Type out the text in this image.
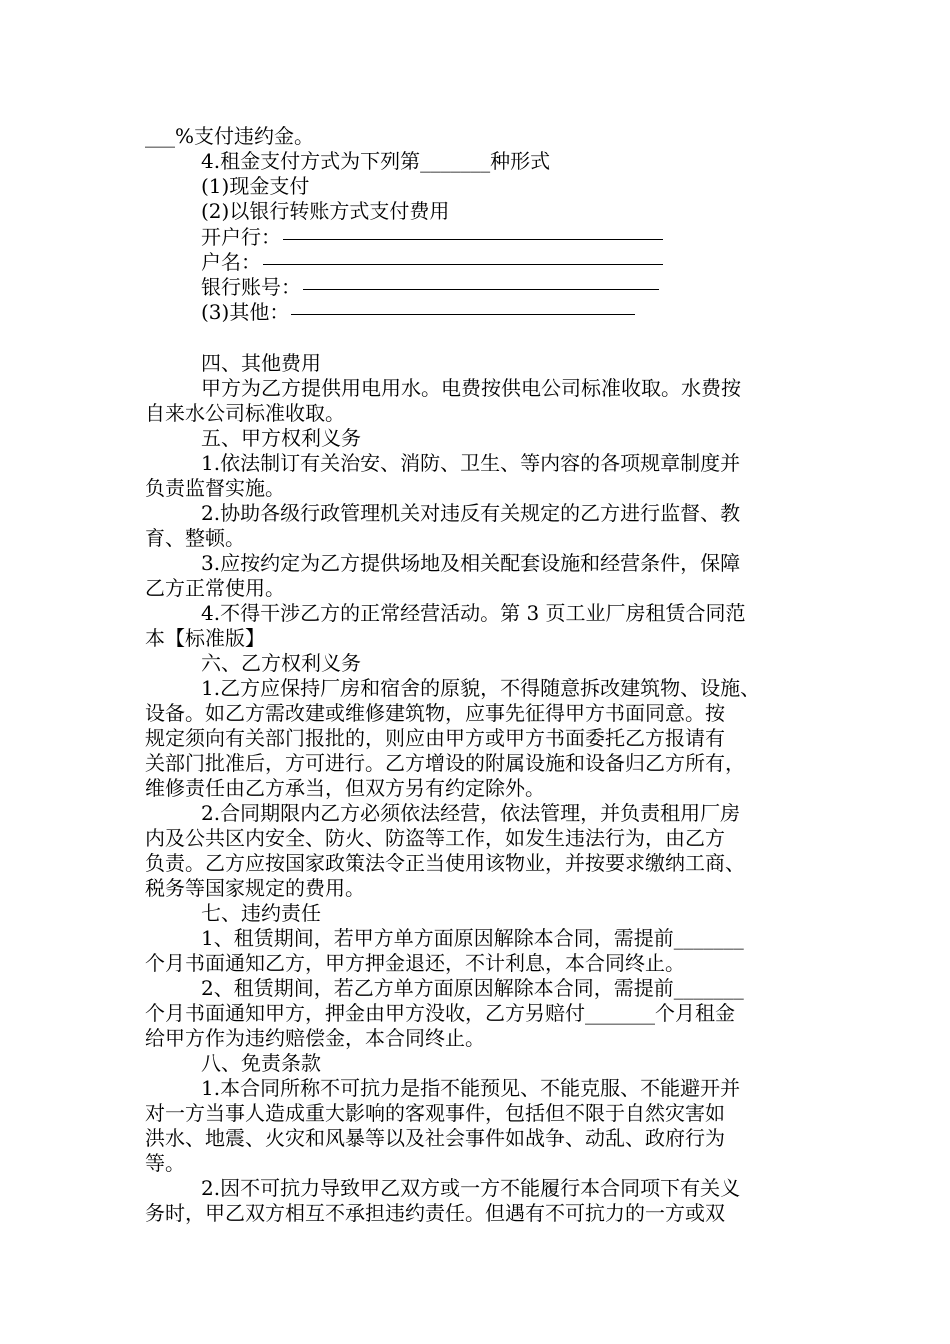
___%支付违约金。
4.租金支付方式为下列第_______种形式
(1)现金支付
(2)以银行转账方式支付费用
开户行：
户名：
银行账号：
(3)其他：
四、其他费用
甲方为乙方提供用电用水。电费按供电公司标准收取。水费按
自来水公司标准收取。
五、甲方权利义务
1.依法制订有关治安、消防、卫生、等内容的各项规章制度并
负责监督实施。
2.协助各级行政管理机关对违反有关规定的乙方进行监督、教
育、整顿。
3.应按约定为乙方提供场地及相关配套设施和经营条件，保障
乙方正常使用。
4.不得干涉乙方的正常经营活动。第 3 页工业厂房租赁合同范
本【标准版】
六、乙方权利义务
1.乙方应保持厂房和宿舍的原貌，不得随意拆改建筑物、设施、
设备。如乙方需改建或维修建筑物，应事先征得甲方书面同意。按
规定须向有关部门报批的，则应由甲方或甲方书面委托乙方报请有
关部门批准后，方可进行。乙方增设的附属设施和设备归乙方所有，
维修责任由乙方承当，但双方另有约定除外。
2.合同期限内乙方必须依法经营，依法管理，并负责租用厂房
内及公共区内安全、防火、防盗等工作，如发生违法行为，由乙方
负责。乙方应按国家政策法令正当使用该物业，并按要求缴纳工商、
税务等国家规定的费用。
七、违约责任
1、租赁期间，若甲方单方面原因解除本合同，需提前_______
个月书面通知乙方，甲方押金退还，不计利息，本合同终止。
2、租赁期间，若乙方单方面原因解除本合同，需提前_______
个月书面通知甲方，押金由甲方没收，乙方另赔付_______个月租金
给甲方作为违约赔偿金，本合同终止。
八、免责条款
1.本合同所称不可抗力是指不能预见、不能克服、不能避开并
对一方当事人造成重大影响的客观事件，包括但不限于自然灾害如
洪水、地震、火灾和风暴等以及社会事件如战争、动乱、政府行为
等。
2.因不可抗力导致甲乙双方或一方不能履行本合同项下有关义
务时，甲乙双方相互不承担违约责任。但遇有不可抗力的一方或双
